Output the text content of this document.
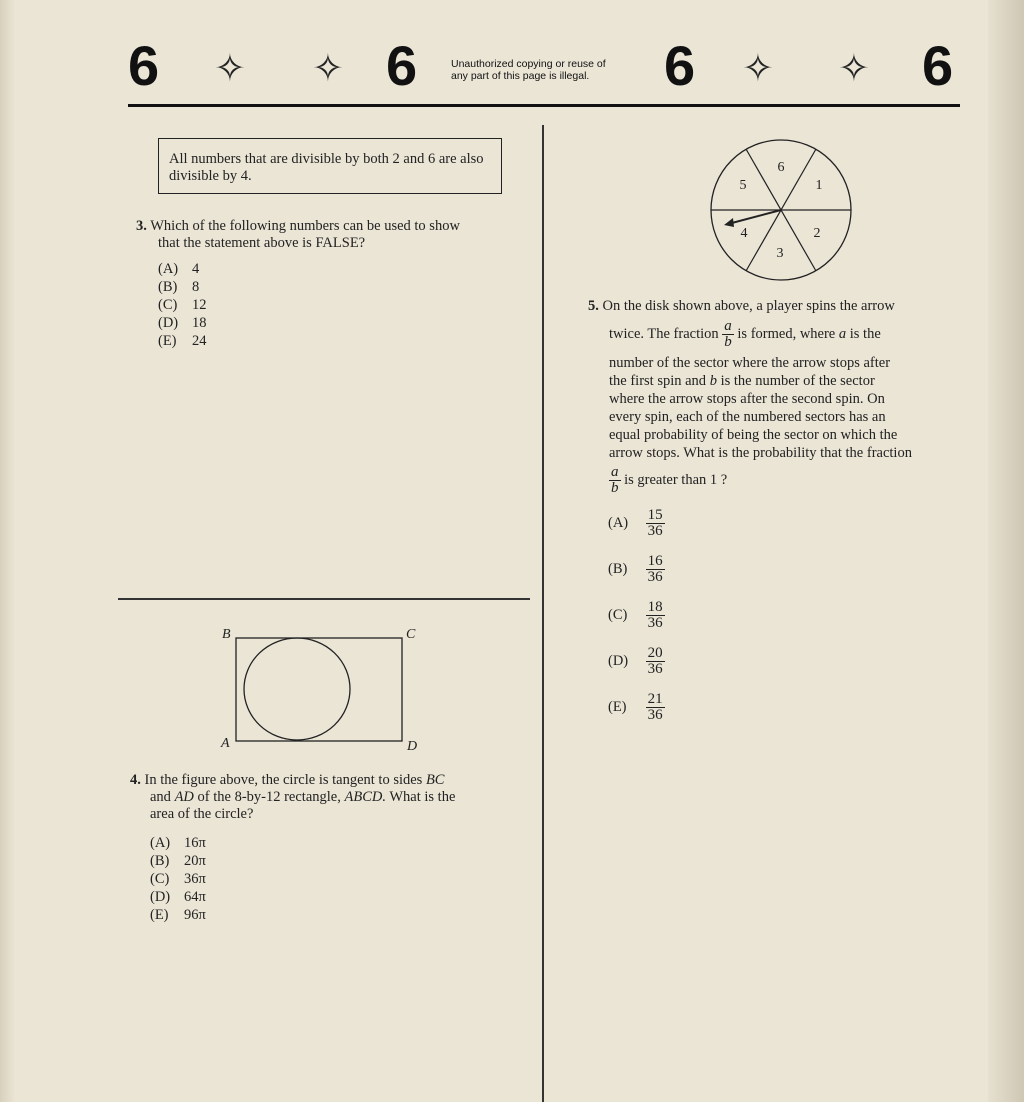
6 ✧ ✧ 6	Unauthorized copying or reuse of
any part of this page is illegal.	6 ✧ ✧ 6
All numbers that are divisible by both 2 and 6 are also divisible by 4.
3. Which of the following numbers can be used to show
that the statement above is FALSE?
(A) 4
(B) 8
(C) 12
(D) 18
(E) 24
B	C
A	D
4. In the figure above, the circle is tangent to sides BC
and AD of the 8-by-12 rectangle, ABCD. What is the
area of the circle?
(A) 16π
(B) 20π
(C) 36π
(D) 64π
(E) 96π
6
1
2
3
4
5
5. On the disk shown above, a player spins the arrow
twice. The fraction $\frac{a}{b}$ is formed, where a is the
number of the sector where the arrow stops after
the first spin and b is the number of the sector
where the arrow stops after the second spin. On
every spin, each of the numbered sectors has an
equal probability of being the sector on which the
arrow stops. What is the probability that the fraction
$\frac{a}{b}$ is greater than 1 ?
$(A) \frac{15}{36}$
$(B) \frac{16}{36}$
$(C) \frac{18}{36}$
$(D) \frac{20}{36}$
$(E) \frac{21}{36}$
